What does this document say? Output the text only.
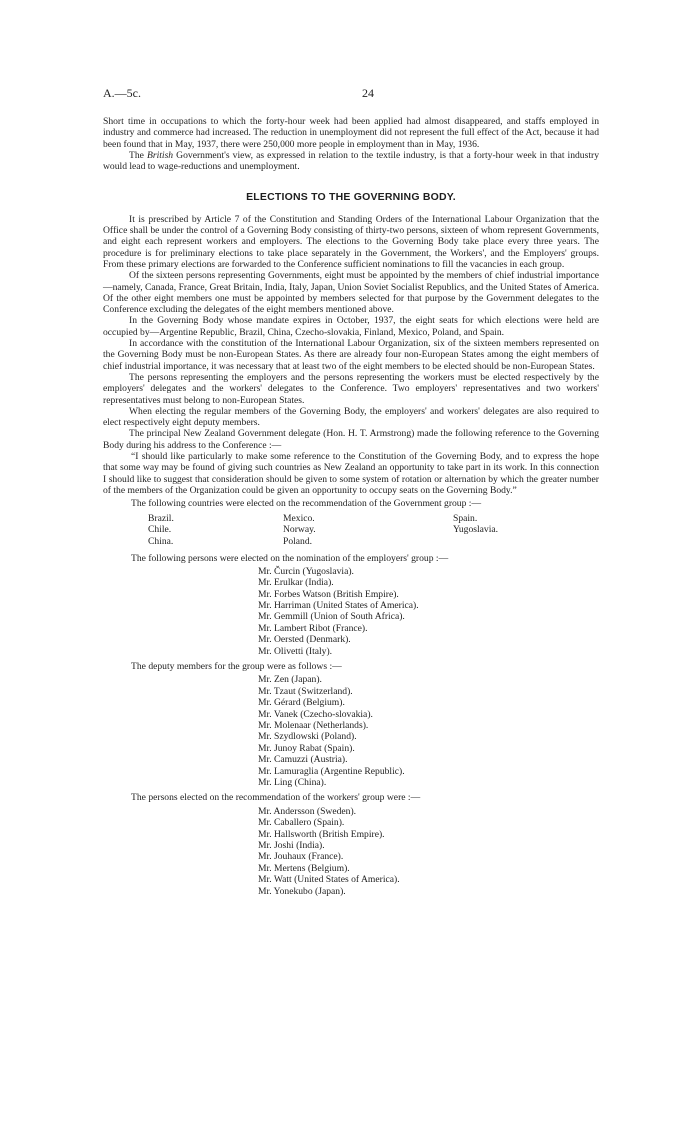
A.—5c.	24

Short time in occupations to which the forty-hour week had been applied had almost disappeared, and staffs employed in industry and commerce had increased. The reduction in unemployment did not represent the full effect of the Act, because it had been found that in May, 1937, there were 250,000 more people in employment than in May, 1936.

The British Government's view, as expressed in relation to the textile industry, is that a forty-hour week in that industry would lead to wage-reductions and unemployment.

ELECTIONS TO THE GOVERNING BODY.

It is prescribed by Article 7 of the Constitution and Standing Orders of the International Labour Organization that the Office shall be under the control of a Governing Body consisting of thirty-two persons, sixteen of whom represent Governments, and eight each represent workers and employers. The elections to the Governing Body take place every three years. The procedure is for preliminary elections to take place separately in the Government, the Workers', and the Employers' groups. From these primary elections are forwarded to the Conference sufficient nominations to fill the vacancies in each group.

Of the sixteen persons representing Governments, eight must be appointed by the members of chief industrial importance—namely, Canada, France, Great Britain, India, Italy, Japan, Union Soviet Socialist Republics, and the United States of America. Of the other eight members one must be appointed by members selected for that purpose by the Government delegates to the Conference excluding the delegates of the eight members mentioned above.

In the Governing Body whose mandate expires in October, 1937, the eight seats for which elections were held are occupied by—Argentine Republic, Brazil, China, Czecho-slovakia, Finland, Mexico, Poland, and Spain.

In accordance with the constitution of the International Labour Organization, six of the sixteen members represented on the Governing Body must be non-European States. As there are already four non-European States among the eight members of chief industrial importance, it was necessary that at least two of the eight members to be elected should be non-European States.

The persons representing the employers and the persons representing the workers must be elected respectively by the employers' delegates and the workers' delegates to the Conference. Two employers' representatives and two workers' representatives must belong to non-European States.

When electing the regular members of the Governing Body, the employers' and workers' delegates are also required to elect respectively eight deputy members.

The principal New Zealand Government delegate (Hon. H. T. Armstrong) made the following reference to the Governing Body during his address to the Conference :—

“I should like particularly to make some reference to the Constitution of the Governing Body, and to express the hope that some way may be found of giving such countries as New Zealand an opportunity to take part in its work. In this connection I should like to suggest that consideration should be given to some system of rotation or alternation by which the greater number of the members of the Organization could be given an opportunity to occupy seats on the Governing Body.”

The following countries were elected on the recommendation of the Government group :—

Brazil.
Chile.
China.
Mexico.
Norway.
Poland.
Spain.
Yugoslavia.

The following persons were elected on the nomination of the employers' group :—

Mr. Čurcin (Yugoslavia).
Mr. Erulkar (India).
Mr. Forbes Watson (British Empire).
Mr. Harriman (United States of America).
Mr. Gemmill (Union of South Africa).
Mr. Lambert Ribot (France).
Mr. Oersted (Denmark).
Mr. Olivetti (Italy).

The deputy members for the group were as follows :—

Mr. Zen (Japan).
Mr. Tzaut (Switzerland).
Mr. Gérard (Belgium).
Mr. Vanek (Czecho-slovakia).
Mr. Molenaar (Netherlands).
Mr. Szydlowski (Poland).
Mr. Junoy Rabat (Spain).
Mr. Camuzzi (Austria).
Mr. Lamuraglia (Argentine Republic).
Mr. Ling (China).

The persons elected on the recommendation of the workers' group were :—

Mr. Andersson (Sweden).
Mr. Caballero (Spain).
Mr. Hallsworth (British Empire).
Mr. Joshi (India).
Mr. Jouhaux (France).
Mr. Mertens (Belgium).
Mr. Watt (United States of America).
Mr. Yonekubo (Japan).
